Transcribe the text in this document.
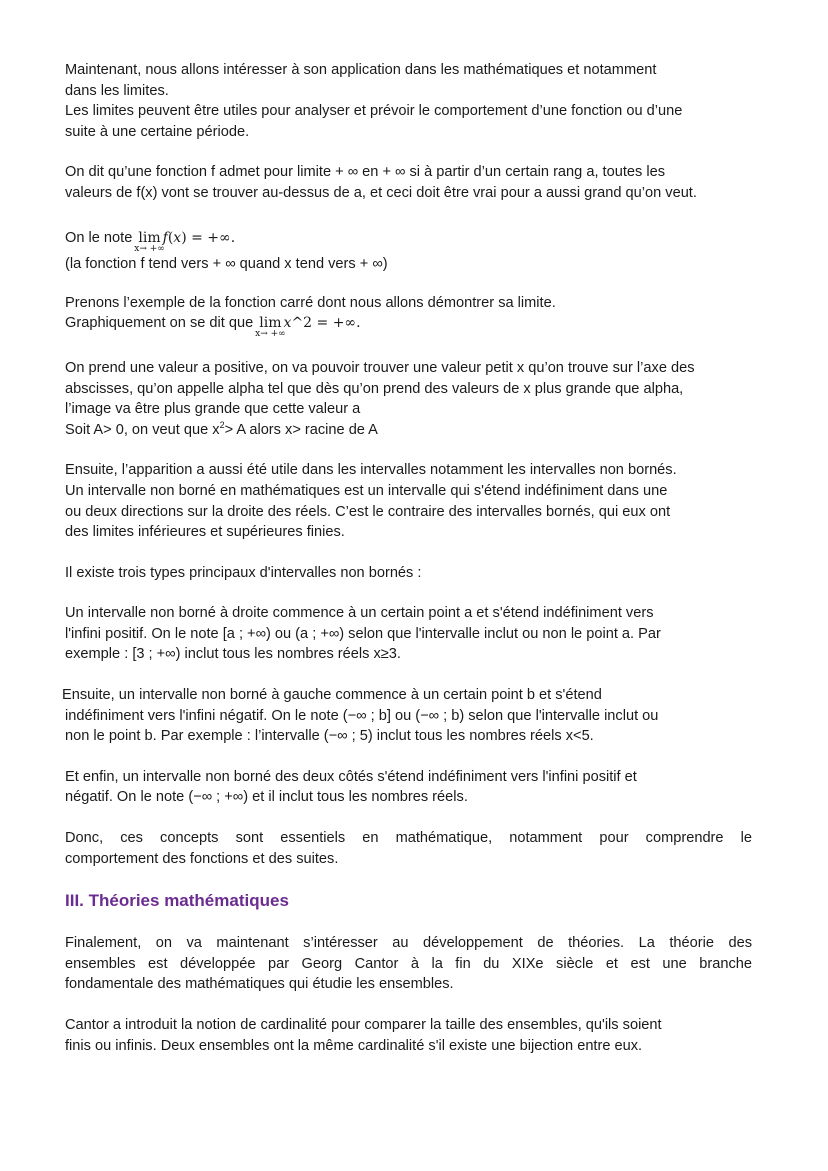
Maintenant, nous allons intéresser à son application dans les mathématiques et notamment
dans les limites.
Les limites peuvent être utiles pour analyser et prévoir le comportement d’une fonction ou d’une
suite à une certaine période.

On dit qu’une fonction f admet pour limite + ∞ en + ∞ si à partir d’un certain rang a, toutes les
valeurs de f(x) vont se trouver au-dessus de a, et ceci doit être vrai pour a aussi grand qu’on veut.

On le note lim
x→ +∞
f(x) = +∞.
(la fonction f tend vers + ∞ quand x tend vers + ∞)

Prenons l’exemple de la fonction carré dont nous allons démontrer sa limite.
Graphiquement on se dit que lim
x→ +∞
x^2 = +∞.

On prend une valeur a positive, on va pouvoir trouver une valeur petit x qu’on trouve sur l’axe des
abscisses, qu’on appelle alpha tel que dès qu’on prend des valeurs de x plus grande que alpha,
l’image va être plus grande que cette valeur a
Soit A> 0, on veut que $x^2> A$ alors x> racine de A

Ensuite, l’apparition a aussi été utile dans les intervalles notamment les intervalles non bornés.
Un intervalle non borné en mathématiques est un intervalle qui s'étend indéfiniment dans une
ou deux directions sur la droite des réels. C’est le contraire des intervalles bornés, qui eux ont
des limites inférieures et supérieures finies.

Il existe trois types principaux d'intervalles non bornés :

Un intervalle non borné à droite commence à un certain point a et s'étend indéfiniment vers
l'infini positif. On le note [a ; +∞) ou (a ; +∞) selon que l'intervalle inclut ou non le point a. Par
exemple : [3 ; +∞) inclut tous les nombres réels x≥3.

Ensuite, un intervalle non borné à gauche commence à un certain point b et s'étend
indéfiniment vers l'infini négatif. On le note (−∞ ; b] ou (−∞ ; b) selon que l'intervalle inclut ou
non le point b. Par exemple : l’intervalle (−∞ ; 5) inclut tous les nombres réels x<5.

Et enfin, un intervalle non borné des deux côtés s'étend indéfiniment vers l'infini positif et
négatif. On le note (−∞ ; +∞) et il inclut tous les nombres réels.

Donc, ces concepts sont essentiels en mathématique, notamment pour comprendre le
comportement des fonctions et des suites.

III. Théories mathématiques

Finalement, on va maintenant s’intéresser au développement de théories. La théorie des
ensembles est développée par Georg Cantor à la fin du XIXe siècle et est une branche
fondamentale des mathématiques qui étudie les ensembles.

Cantor a introduit la notion de cardinalité pour comparer la taille des ensembles, qu'ils soient
finis ou infinis. Deux ensembles ont la même cardinalité s'il existe une bijection entre eux.
